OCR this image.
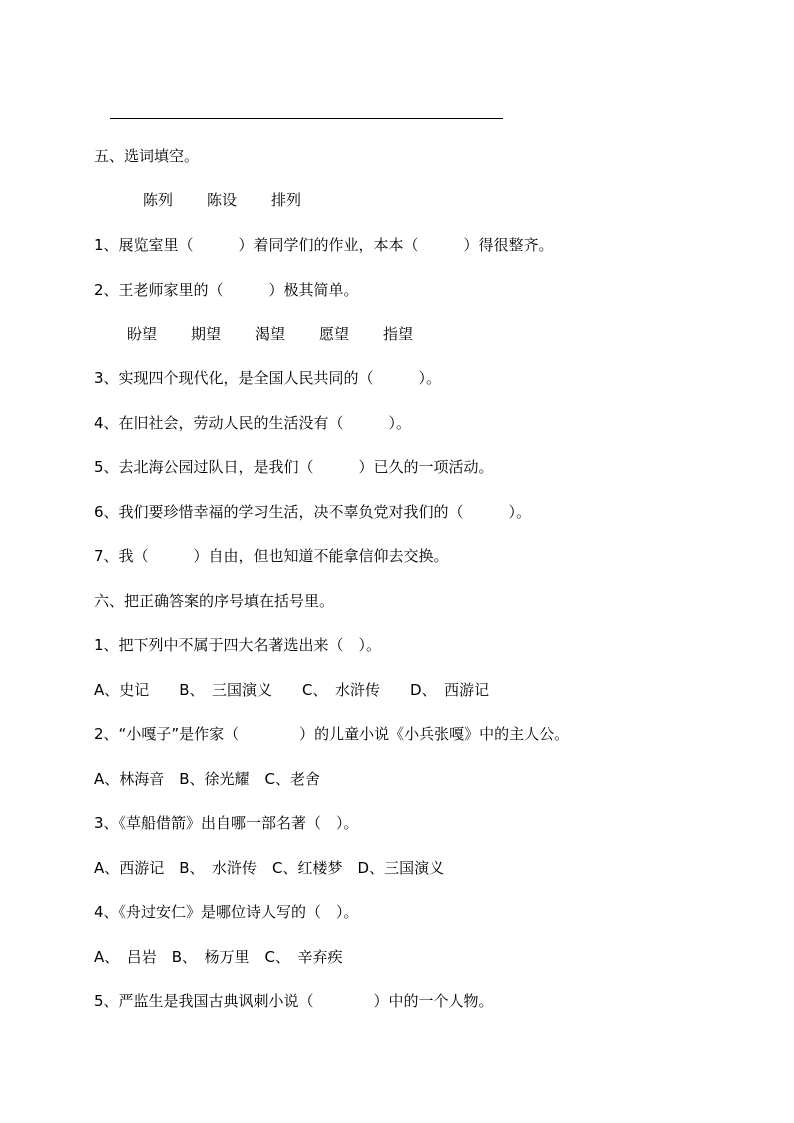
五、选词填空。
陈列 陈设 排列
1、展览室里（　　　）着同学们的作业，本本（　　　）得很整齐。
2、王老师家里的（　　　）极其简单。
盼望 期望 渴望 愿望 指望
3、实现四个现代化，是全国人民共同的（　　　）。
4、在旧社会，劳动人民的生活没有（　　　）。
5、去北海公园过队日，是我们（　　　）已久的一项活动。
6、我们要珍惜幸福的学习生活，决不辜负党对我们的（　　　）。
7、我（　　　）自由，但也知道不能拿信仰去交换。
六、把正确答案的序号填在括号里。
1、把下列中不属于四大名著选出来（　）。
A、史记　　B、　三国演义　　C、　水浒传　　D、　西游记
2、“小嘎子”是作家（　　　　）的儿童小说《小兵张嘎》中的主人公。
A、林海音　B、徐光耀　C、老舍
3、《草船借箭》出自哪一部名著（　）。
A、西游记　B、　水浒传　C、红楼梦　D、三国演义
4、《舟过安仁》是哪位诗人写的（　）。
A、　吕岩　B、　杨万里　C、　辛弃疾
5、严监生是我国古典讽刺小说（　　　　）中的一个人物。
